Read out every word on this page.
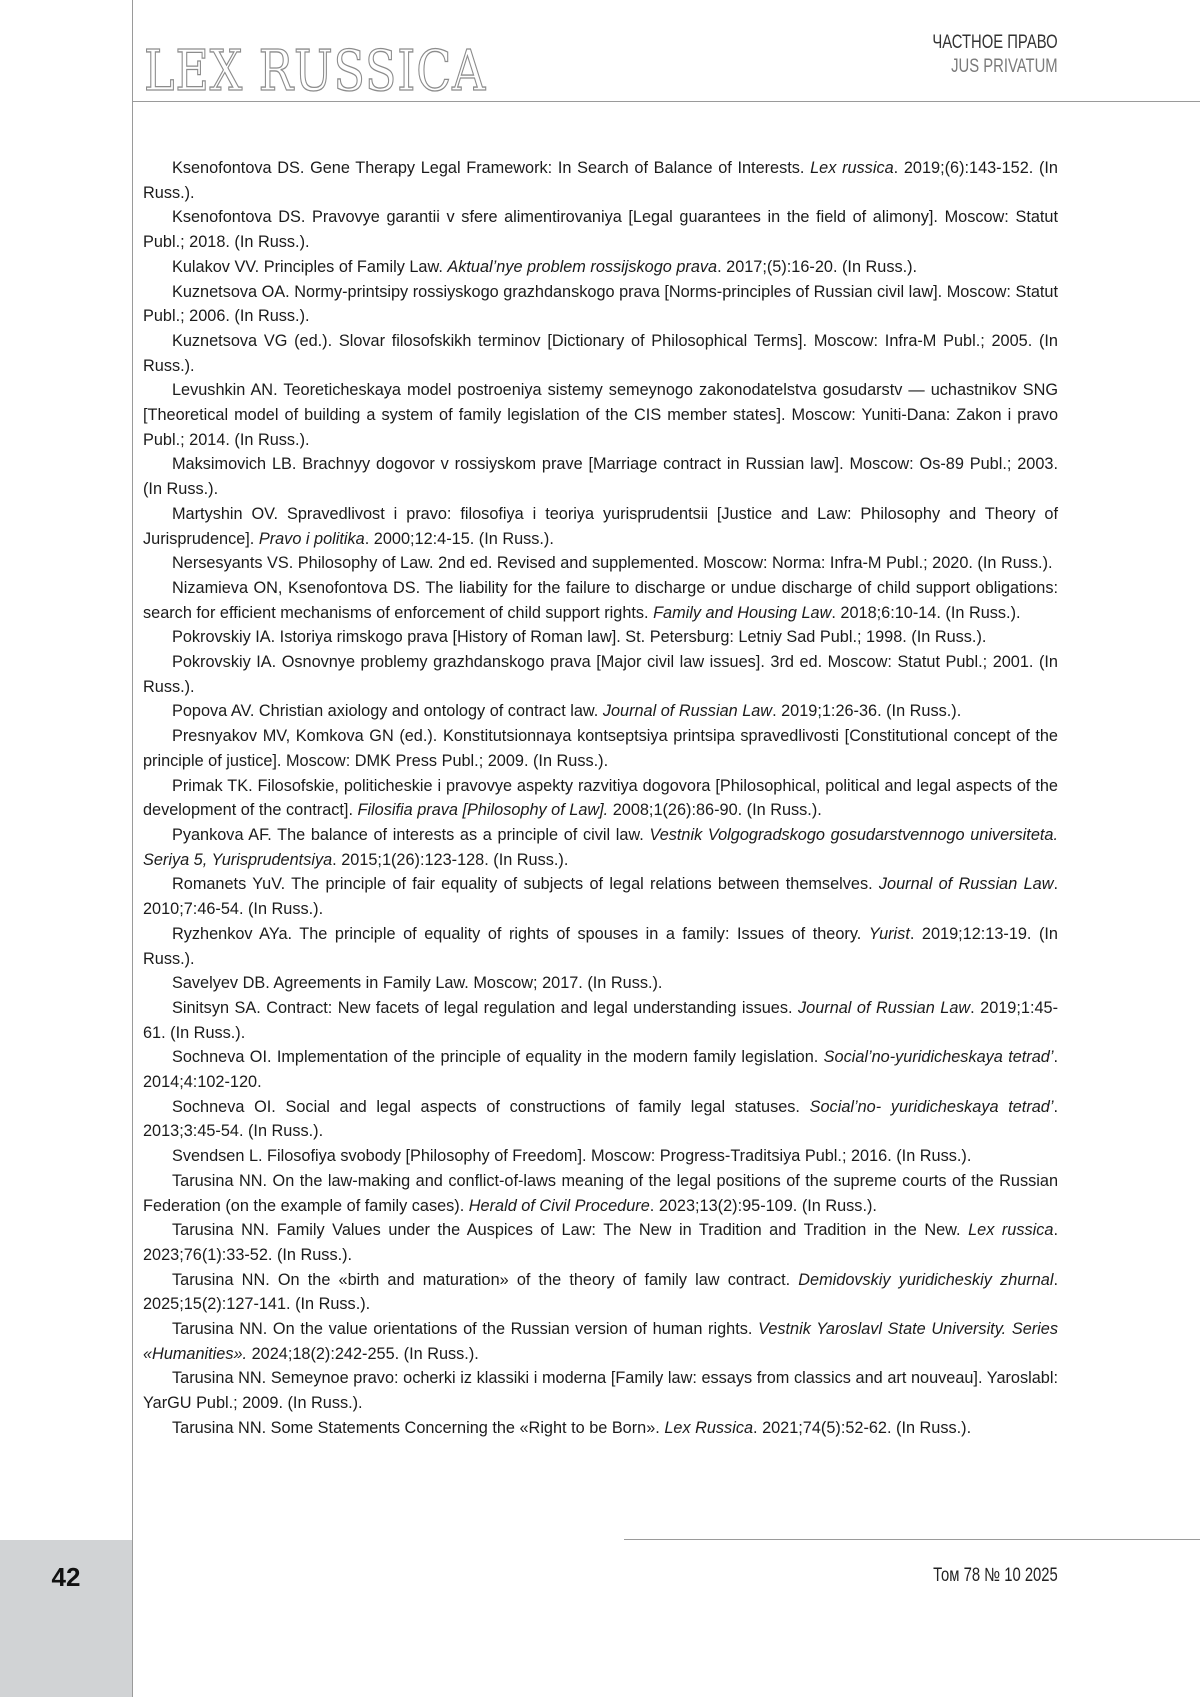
LEX RUSSICA	ЧАСТНОЕ ПРАВО
JUS PRIVATUM

Ksenofontova DS. Gene Therapy Legal Framework: In Search of Balance of Interests. Lex russica. 2019;(6):143-152. (In Russ.).

Ksenofontova DS. Pravovye garantii v sfere alimentirovaniya [Legal guarantees in the field of alimony]. Moscow: Statut Publ.; 2018. (In Russ.).

Kulakov VV. Principles of Family Law. Aktual’nye problem rossijskogo prava. 2017;(5):16-20. (In Russ.).

Kuznetsova OA. Normy-printsipy rossiyskogo grazhdanskogo prava [Norms-principles of Russian civil law]. Moscow: Statut Publ.; 2006. (In Russ.).

Kuznetsova VG (ed.). Slovar filosofskikh terminov [Dictionary of Philosophical Terms]. Moscow: Infra-M Publ.; 2005. (In Russ.).

Levushkin AN. Teoreticheskaya model postroeniya sistemy semeynogo zakonodatelstva gosudarstv — uchastnikov SNG [Theoretical model of building a system of family legislation of the CIS member states]. Moscow: Yuniti-Dana: Zakon i pravo Publ.; 2014. (In Russ.).

Maksimovich LB. Brachnyy dogovor v rossiyskom prave [Marriage contract in Russian law]. Moscow: Os-89 Publ.; 2003. (In Russ.).

Martyshin OV. Spravedlivost i pravo: filosofiya i teoriya yurisprudentsii [Justice and Law: Philosophy and Theory of Jurisprudence]. Pravo i politika. 2000;12:4-15. (In Russ.).

Nersesyants VS. Philosophy of Law. 2nd ed. Revised and supplemented. Moscow: Norma: Infra-M Publ.; 2020. (In Russ.).

Nizamieva ON, Ksenofontova DS. The liability for the failure to discharge or undue discharge of child support obligations: search for efficient mechanisms of enforcement of child support rights. Family and Housing Law. 2018;6:10-14. (In Russ.).

Pokrovskiy IA. Istoriya rimskogo prava [History of Roman law]. St. Petersburg: Letniy Sad Publ.; 1998. (In Russ.).

Pokrovskiy IA. Osnovnye problemy grazhdanskogo prava [Major civil law issues]. 3rd ed. Moscow: Statut Publ.; 2001. (In Russ.).

Popova AV. Christian axiology and ontology of contract law. Journal of Russian Law. 2019;1:26-36. (In Russ.).

Presnyakov MV, Komkova GN (ed.). Konstitutsionnaya kontseptsiya printsipa spravedlivosti [Constitutional concept of the principle of justice]. Moscow: DMK Press Publ.; 2009. (In Russ.).

Primak TK. Filosofskie, politicheskie i pravovye aspekty razvitiya dogovora [Philosophical, political and legal aspects of the development of the contract]. Filosifia prava [Philosophy of Law]. 2008;1(26):86-90. (In Russ.).

Pyankova AF. The balance of interests as a principle of civil law. Vestnik Volgogradskogo gosudarstvennogo universiteta. Seriya 5, Yurisprudentsiya. 2015;1(26):123-128. (In Russ.).

Romanets YuV. The principle of fair equality of subjects of legal relations between themselves. Journal of Russian Law. 2010;7:46-54. (In Russ.).

Ryzhenkov AYa. The principle of equality of rights of spouses in a family: Issues of theory. Yurist. 2019;12:13-19. (In Russ.).

Savelyev DB. Agreements in Family Law. Moscow; 2017. (In Russ.).

Sinitsyn SA. Contract: New facets of legal regulation and legal understanding issues. Journal of Russian Law. 2019;1:45-61. (In Russ.).

Sochneva OI. Implementation of the principle of equality in the modern family legislation. Social’no-yuridicheskaya tetrad’. 2014;4:102-120.

Sochneva OI. Social and legal aspects of constructions of family legal statuses. Social’no- yuridicheskaya tetrad’. 2013;3:45-54. (In Russ.).

Svendsen L. Filosofiya svobody [Philosophy of Freedom]. Moscow: Progress-Traditsiya Publ.; 2016. (In Russ.).

Tarusina NN. On the law-making and conflict-of-laws meaning of the legal positions of the supreme courts of the Russian Federation (on the example of family cases). Herald of Civil Procedure. 2023;13(2):95-109. (In Russ.).

Tarusina NN. Family Values under the Auspices of Law: The New in Tradition and Tradition in the New. Lex russica. 2023;76(1):33-52. (In Russ.).

Tarusina NN. On the «birth and maturation» of the theory of family law contract. Demidovskiy yuridicheskiy zhurnal. 2025;15(2):127-141. (In Russ.).

Tarusina NN. On the value orientations of the Russian version of human rights. Vestnik Yaroslavl State University. Series «Humanities». 2024;18(2):242-255. (In Russ.).

Tarusina NN. Semeynoe pravo: ocherki iz klassiki i moderna [Family law: essays from classics and art nouveau]. Yaroslabl: YarGU Publ.; 2009. (In Russ.).

Tarusina NN. Some Statements Concerning the «Right to be Born». Lex Russica. 2021;74(5):52-62. (In Russ.).

42	Том 78 № 10 2025
